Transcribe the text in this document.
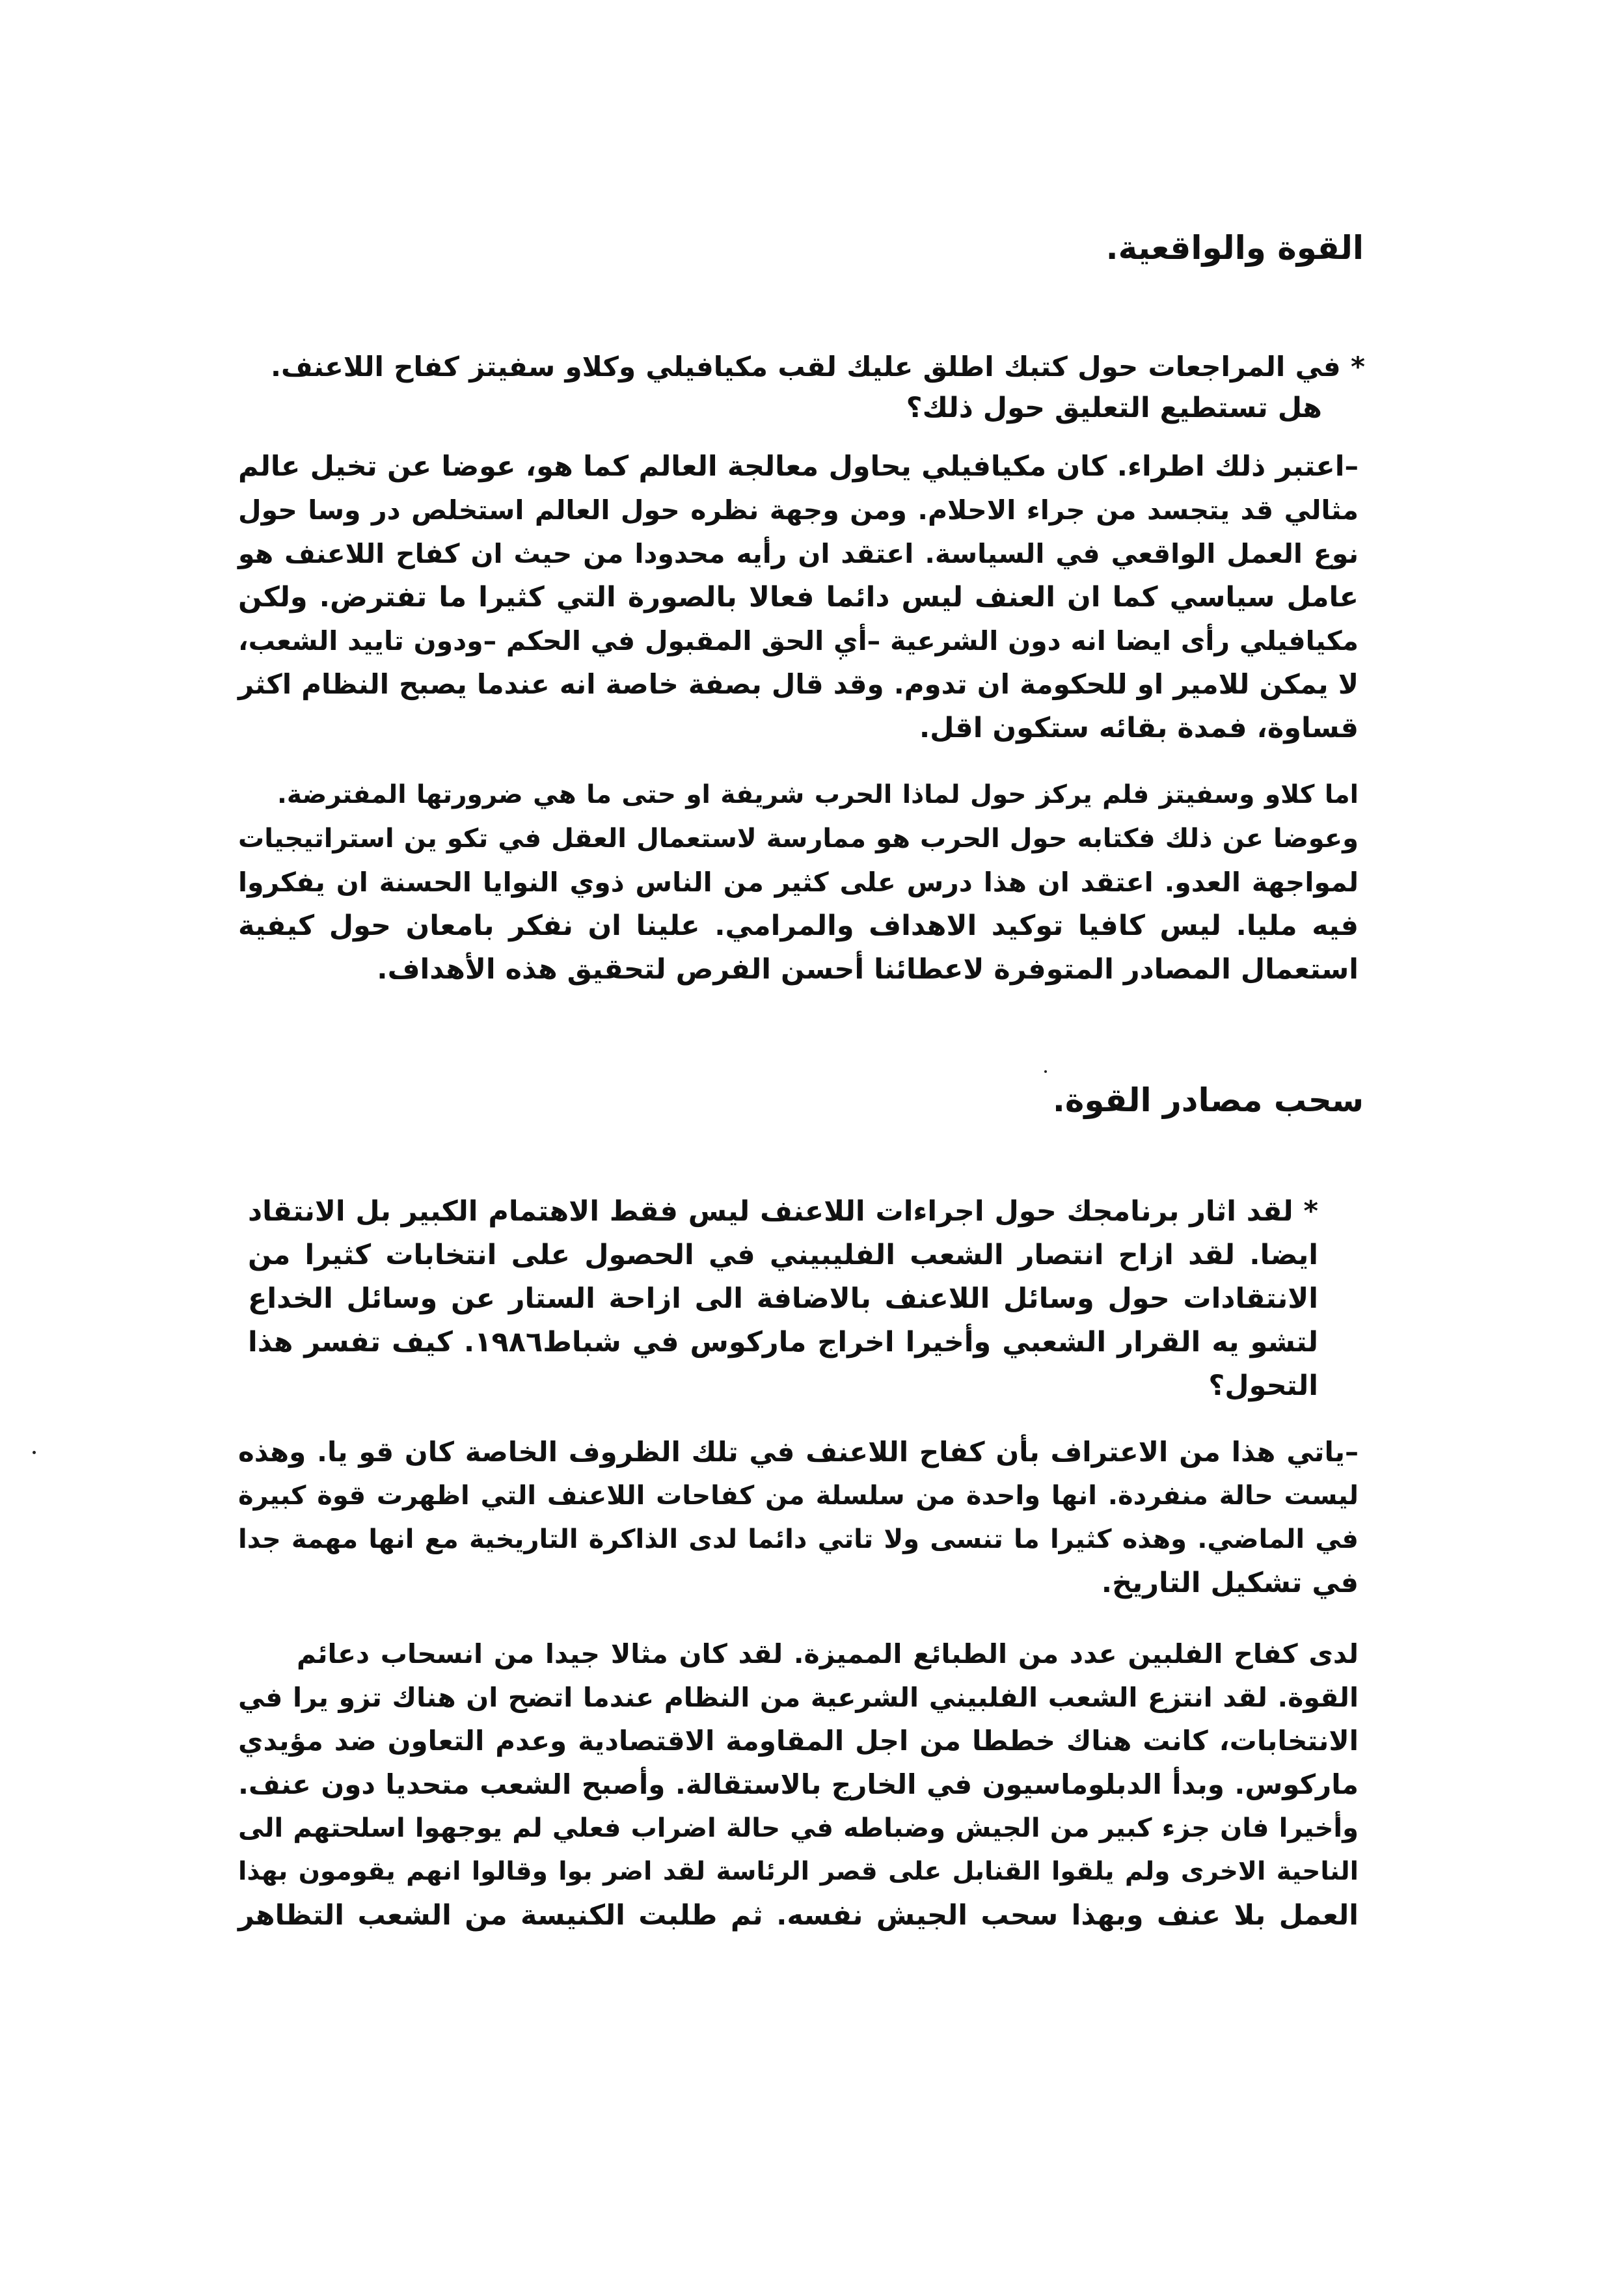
القوة والواقعية.
* في المراجعات حول كتبك اطلق عليك لقب مكيافيلي وكلاو سفيتز كفاح اللاعنف.
هل تستطيع التعليق حول ذلك؟
–اعتبر ذلك اطراء. كان مكيافيلي يحاول معالجة العالم كما هو، عوضا عن تخيل عالم
مثالي قد يتجسد من جراء الاحلام. ومن وجهة نظره حول العالم استخلص در وسا حول
نوع العمل الواقعي في السياسة. اعتقد ان رأيه محدودا من حيث ان كفاح اللاعنف هو
عامل سياسي كما ان العنف ليس دائما فعالا بالصورة التي كثيرا ما تفترض. ولكن
مكيافيلي رأى ايضا انه دون الشرعية –أي الحق المقبول في الحكم –ودون تاييد الشعب،
لا يمكن للامير او للحكومة ان تدوم. وقد قال بصفة خاصة انه عندما يصبح النظام اكثر
قساوة، فمدة بقائه ستكون اقل.
اما كلاو وسفيتز فلم يركز حول لماذا الحرب شريفة او حتى ما هي ضرورتها المفترضة.
وعوضا عن ذلك فكتابه حول الحرب هو ممارسة لاستعمال العقل في تكو ين استراتيجيات
لمواجهة العدو. اعتقد ان هذا درس على كثير من الناس ذوي النوايا الحسنة ان يفكروا
فيه مليا. ليس كافيا توكيد الاهداف والمرامي. علينا ان نفكر بامعان حول كيفية
استعمال المصادر المتوفرة لاعطائنا أحسن الفرص لتحقيق هذه الأهداف.
سحب مصادر القوة.
* لقد اثار برنامجك حول اجراءات اللاعنف ليس فقط الاهتمام الكبير بل الانتقاد
ايضا. لقد ازاح انتصار الشعب الفليبيني في الحصول على انتخابات كثيرا من
الانتقادات حول وسائل اللاعنف بالاضافة الى ازاحة الستار عن وسائل الخداع
لتشو يه القرار الشعبي وأخيرا اخراج ماركوس في شباط١٩٨٦. كيف تفسر هذا
التحول؟
–ياتي هذا من الاعتراف بأن كفاح اللاعنف في تلك الظروف الخاصة كان قو يا. وهذه
ليست حالة منفردة. انها واحدة من سلسلة من كفاحات اللاعنف التي اظهرت قوة كبيرة
في الماضي. وهذه كثيرا ما تنسى ولا تاتي دائما لدى الذاكرة التاريخية مع انها مهمة جدا
في تشكيل التاريخ.
لدى كفاح الفلبين عدد من الطبائع المميزة. لقد كان مثالا جيدا من انسحاب دعائم
القوة. لقد انتزع الشعب الفلبيني الشرعية من النظام عندما اتضح ان هناك تزو يرا في
الانتخابات، كانت هناك خططا من اجل المقاومة الاقتصادية وعدم التعاون ضد مؤيدي
ماركوس. وبدأ الدبلوماسيون في الخارج بالاستقالة. وأصبح الشعب متحديا دون عنف.
وأخيرا فان جزء كبير من الجيش وضباطه في حالة اضراب فعلي لم يوجهوا اسلحتهم الى
الناحية الاخرى ولم يلقوا القنابل على قصر الرئاسة لقد اضر بوا وقالوا انهم يقومون بهذا
العمل بلا عنف وبهذا سحب الجيش نفسه. ثم طلبت الكنيسة من الشعب التظاهر
